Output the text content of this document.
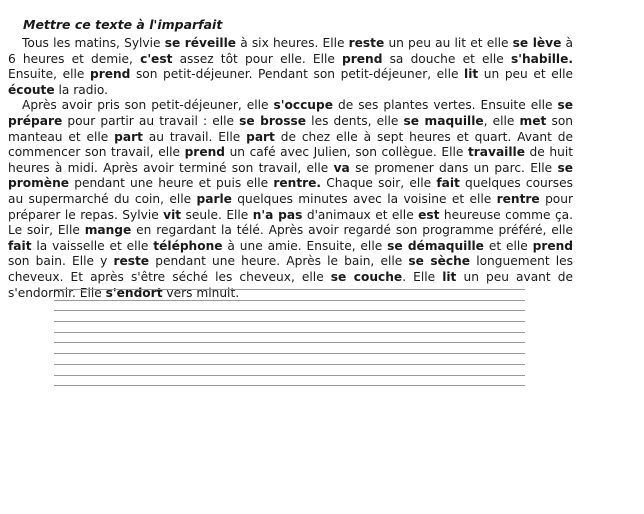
Mettre ce texte à l'imparfait

Tous les matins, Sylvie se réveille à six heures. Elle reste un peu au lit et elle se lève à 6 heures et demie, c'est assez tôt pour elle. Elle prend sa douche et elle s'habille. Ensuite, elle prend son petit-déjeuner. Pendant son petit-déjeuner, elle lit un peu et elle écoute la radio.

Après avoir pris son petit-déjeuner, elle s'occupe de ses plantes vertes. Ensuite elle se prépare pour partir au travail : elle se brosse les dents, elle se maquille, elle met son manteau et elle part au travail. Elle part de chez elle à sept heures et quart. Avant de commencer son travail, elle prend un café avec Julien, son collègue. Elle travaille de huit heures à midi. Après avoir terminé son travail, elle va se promener dans un parc. Elle se promène pendant une heure et puis elle rentre. Chaque soir, elle fait quelques courses au supermarché du coin, elle parle quelques minutes avec la voisine et elle rentre pour préparer le repas. Sylvie vit seule. Elle n'a pas d'animaux et elle est heureuse comme ça. Le soir, Elle mange en regardant la télé. Après avoir regardé son programme préféré, elle fait la vaisselle et elle téléphone à une amie. Ensuite, elle se démaquille et elle prend son bain. Elle y reste pendant une heure. Après le bain, elle se sèche longuement les cheveux. Et après s'être séché les cheveux, elle se couche. Elle lit un peu avant de s'endormir. Elle s'endort vers minuit.
